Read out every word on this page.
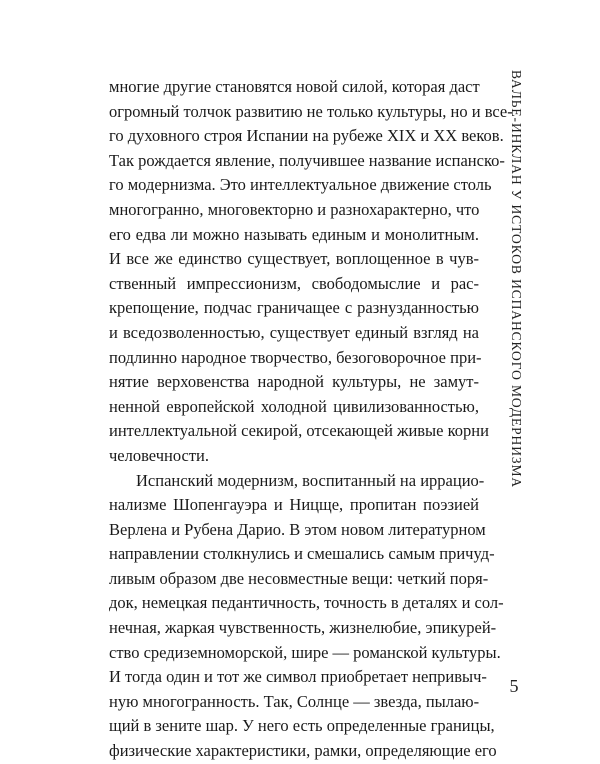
многие другие становятся новой силой, которая даст
огромный толчок развитию не только культуры, но и все-
го духовного строя Испании на рубеже XIX и XX веков.
Так рождается явление, получившее название испанско-
го модернизма. Это интеллектуальное движение столь
многогранно, многовекторно и разнохарактерно, что
его едва ли можно называть единым и монолитным.
И все же единство существует, воплощенное в чув-
ственный импрессионизм, свободомыслие и рас-
крепощение, подчас граничащее с разнузданностью
и вседозволенностью, существует единый взгляд на
подлинно народное творчество, безоговорочное при-
нятие верховенства народной культуры, не замут-
ненной европейской холодной цивилизованностью,
интеллектуальной секирой, отсекающей живые корни
человечности.
Испанский модернизм, воспитанный на иррацио-
нализме Шопенгауэра и Ницще, пропитан поэзией
Верлена и Рубена Дарио. В этом новом литературном
направлении столкнулись и смешались самым причуд-
ливым образом две несовместные вещи: четкий поря-
док, немецкая педантичность, точность в деталях и сол-
нечная, жаркая чувственность, жизнелюбие, эпикурей-
ство средиземноморской, шире — романской культуры.
И тогда один и тот же символ приобретает непривыч-
ную многогранность. Так, Солнце — звезда, пылаю-
щий в зените шар. У него есть определенные границы,
физические характеристики, рамки, определяющие его
ВАЛЬЕ-ИНКЛАН У ИСТОКОВ ИСПАНСКОГО МОДЕРНИЗМА
5
